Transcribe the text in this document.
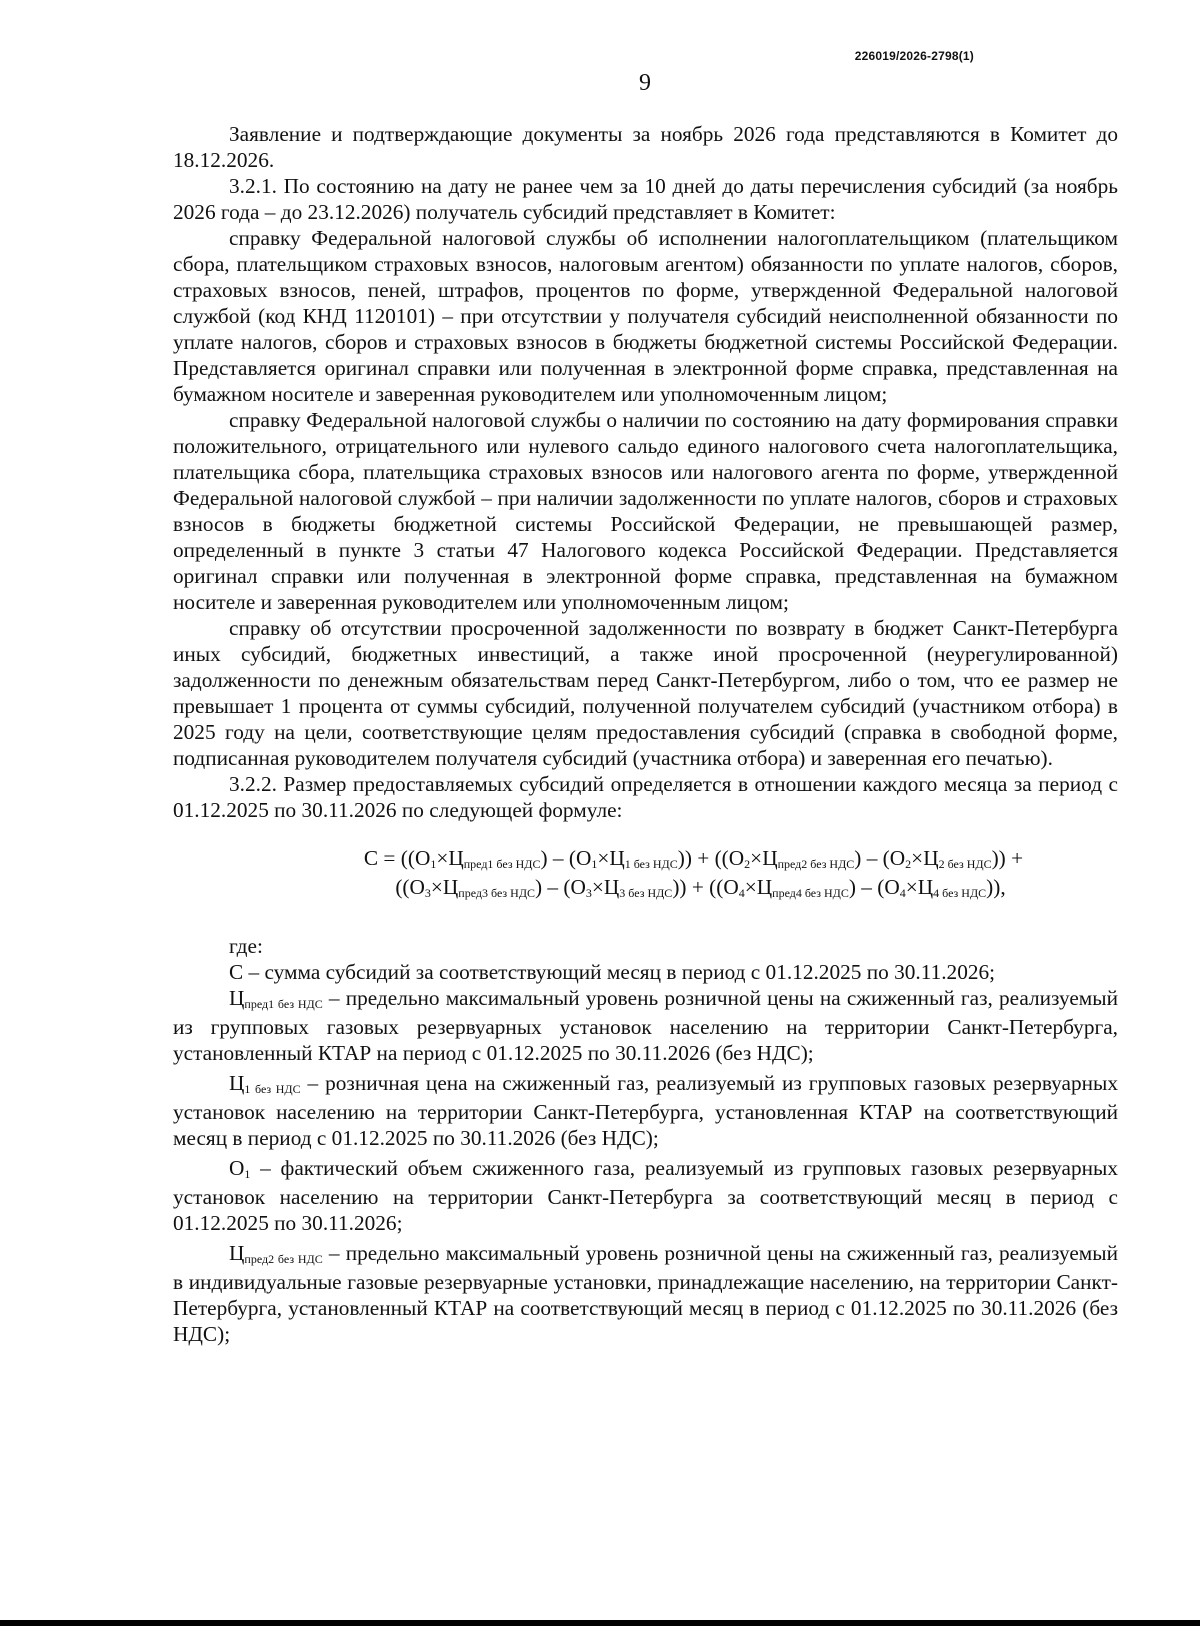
226019/2026-2798(1)
9

Заявление и подтверждающие документы за ноябрь 2026 года представляются в Комитет до 18.12.2026.

3.2.1. По состоянию на дату не ранее чем за 10 дней до даты перечисления субсидий (за ноябрь 2026 года – до 23.12.2026) получатель субсидий представляет в Комитет:

справку Федеральной налоговой службы об исполнении налогоплательщиком (плательщиком сбора, плательщиком страховых взносов, налоговым агентом) обязанности по уплате налогов, сборов, страховых взносов, пеней, штрафов, процентов по форме, утвержденной Федеральной налоговой службой (код КНД 1120101) – при отсутствии у получателя субсидий неисполненной обязанности по уплате налогов, сборов и страховых взносов в бюджеты бюджетной системы Российской Федерации. Представляется оригинал справки или полученная в электронной форме справка, представленная на бумажном носителе и заверенная руководителем или уполномоченным лицом;

справку Федеральной налоговой службы о наличии по состоянию на дату формирования справки положительного, отрицательного или нулевого сальдо единого налогового счета налогоплательщика, плательщика сбора, плательщика страховых взносов или налогового агента по форме, утвержденной Федеральной налоговой службой – при наличии задолженности по уплате налогов, сборов и страховых взносов в бюджеты бюджетной системы Российской Федерации, не превышающей размер, определенный в пункте 3 статьи 47 Налогового кодекса Российской Федерации. Представляется оригинал справки или полученная в электронной форме справка, представленная на бумажном носителе и заверенная руководителем или уполномоченным лицом;

справку об отсутствии просроченной задолженности по возврату в бюджет Санкт-Петербурга иных субсидий, бюджетных инвестиций, а также иной просроченной (неурегулированной) задолженности по денежным обязательствам перед Санкт-Петербургом, либо о том, что ее размер не превышает 1 процента от суммы субсидий, полученной получателем субсидий (участником отбора) в 2025 году на цели, соответствующие целям предоставления субсидий (справка в свободной форме, подписанная руководителем получателя субсидий (участника отбора) и заверенная его печатью).

3.2.2. Размер предоставляемых субсидий определяется в отношении каждого месяца за период с 01.12.2025 по 30.11.2026 по следующей формуле:

C = ((O1×Цпред1 без НДС) – (O1×Ц1 без НДС)) + ((O2×Цпред2 без НДС) – (O2×Ц2 без НДС)) +
((O3×Цпред3 без НДС) – (O3×Ц3 без НДС)) + ((O4×Цпред4 без НДС) – (O4×Ц4 без НДС)),

где:

C – сумма субсидий за соответствующий месяц в период с 01.12.2025 по 30.11.2026;

Цпред1 без НДС – предельно максимальный уровень розничной цены на сжиженный газ, реализуемый из групповых газовых резервуарных установок населению на территории Санкт-Петербурга, установленный КТАР на период с 01.12.2025 по 30.11.2026 (без НДС);

Ц1 без НДС – розничная цена на сжиженный газ, реализуемый из групповых газовых резервуарных установок населению на территории Санкт-Петербурга, установленная КТАР на соответствующий месяц в период с 01.12.2025 по 30.11.2026 (без НДС);

O1 – фактический объем сжиженного газа, реализуемый из групповых газовых резервуарных установок населению на территории Санкт-Петербурга за соответствующий месяц в период с 01.12.2025 по 30.11.2026;

Цпред2 без НДС – предельно максимальный уровень розничной цены на сжиженный газ, реализуемый в индивидуальные газовые резервуарные установки, принадлежащие населению, на территории Санкт-Петербурга, установленный КТАР на соответствующий месяц в период с 01.12.2025 по 30.11.2026 (без НДС);
